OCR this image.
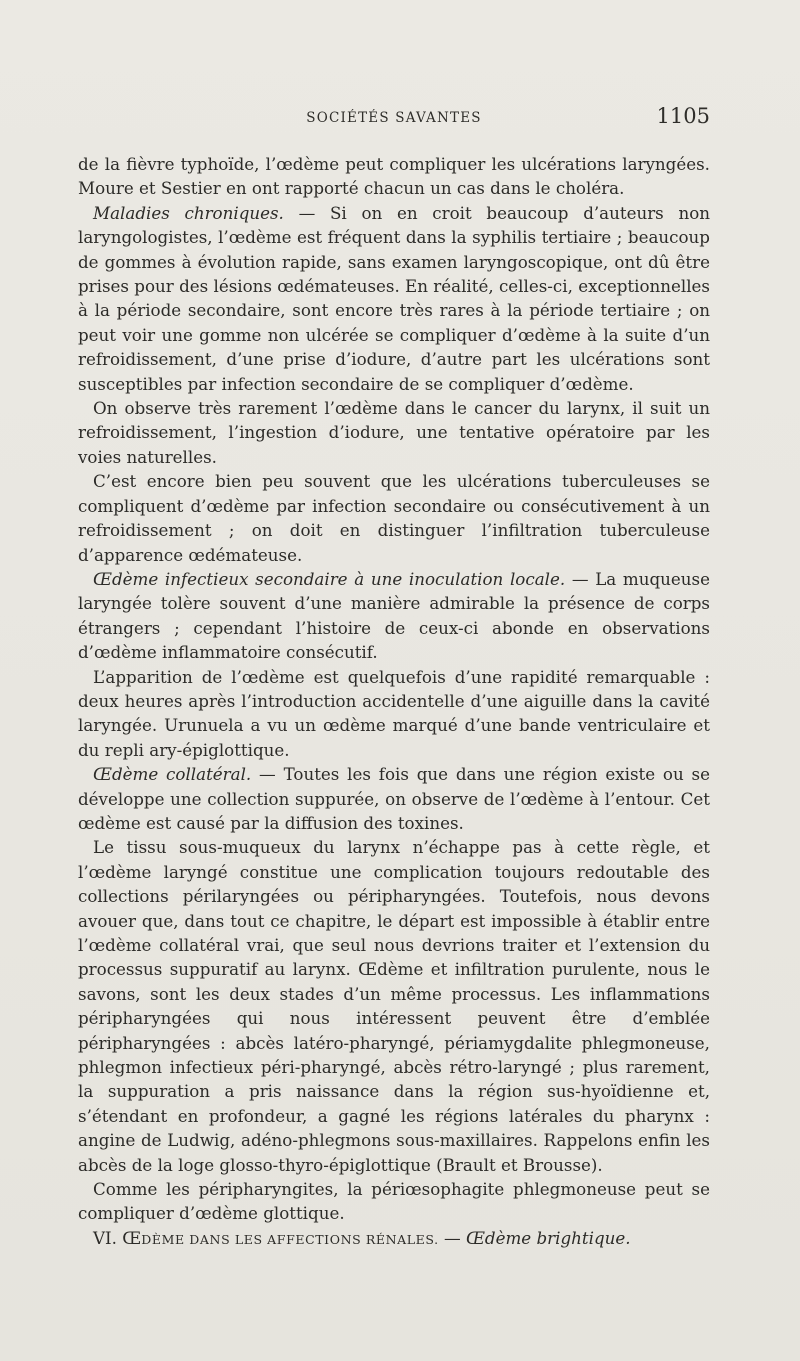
SOCIÉTÉS SAVANTES	1105

de la fièvre typhoïde, l’œdème peut compliquer les ulcérations laryngées. Moure et Sestier en ont rapporté chacun un cas dans le choléra.

Maladies chroniques. — Si on en croit beaucoup d’auteurs non laryngologistes, l’œdème est fréquent dans la syphilis tertiaire ; beaucoup de gommes à évolution rapide, sans examen laryngoscopique, ont dû être prises pour des lésions œdémateuses. En réalité, celles-ci, exceptionnelles à la période secondaire, sont encore très rares à la période tertiaire ; on peut voir une gomme non ulcérée se compliquer d’œdème à la suite d’un refroidissement, d’une prise d’iodure, d’autre part les ulcérations sont susceptibles par infection secondaire de se compliquer d’œdème.

On observe très rarement l’œdème dans le cancer du larynx, il suit un refroidissement, l’ingestion d’iodure, une tentative opératoire par les voies naturelles.

C’est encore bien peu souvent que les ulcérations tuberculeuses se compliquent d’œdème par infection secondaire ou consécutivement à un refroidissement ; on doit en distinguer l’infiltration tuberculeuse d’apparence œdémateuse.

Œdème infectieux secondaire à une inoculation locale. — La muqueuse laryngée tolère souvent d’une manière admirable la présence de corps étrangers ; cependant l’histoire de ceux-ci abonde en observations d’œdème inflammatoire consécutif.

L’apparition de l’œdème est quelquefois d’une rapidité remarquable : deux heures après l’introduction accidentelle d’une aiguille dans la cavité laryngée. Urunuela a vu un œdème marqué d’une bande ventriculaire et du repli ary-épiglottique.

Œdème collatéral. — Toutes les fois que dans une région existe ou se développe une collection suppurée, on observe de l’œdème à l’entour. Cet œdème est causé par la diffusion des toxines.

Le tissu sous-muqueux du larynx n’échappe pas à cette règle, et l’œdème laryngé constitue une complication toujours redoutable des collections périlaryngées ou péripharyngées. Toutefois, nous devons avouer que, dans tout ce chapitre, le départ est impossible à établir entre l’œdème collatéral vrai, que seul nous devrions traiter et l’extension du processus suppuratif au larynx. Œdème et infiltration purulente, nous le savons, sont les deux stades d’un même processus. Les inflammations péripharyngées qui nous intéressent peuvent être d’emblée péripharyngées : abcès latéro-pharyngé, périamygdalite phlegmoneuse, phlegmon infectieux péri-pharyngé, abcès rétro-laryngé ; plus rarement, la suppuration a pris naissance dans la région sus-hyoïdienne et, s’étendant en profondeur, a gagné les régions latérales du pharynx : angine de Ludwig, adéno-phlegmons sous-maxillaires. Rappelons enfin les abcès de la loge glosso-thyro-épiglottique (Brault et Brousse).

Comme les péripharyngites, la périœsophagite phlegmoneuse peut se compliquer d’œdème glottique.

VI. ŒDÈME DANS LES AFFECTIONS RÉNALES. — Œdème brightique.
